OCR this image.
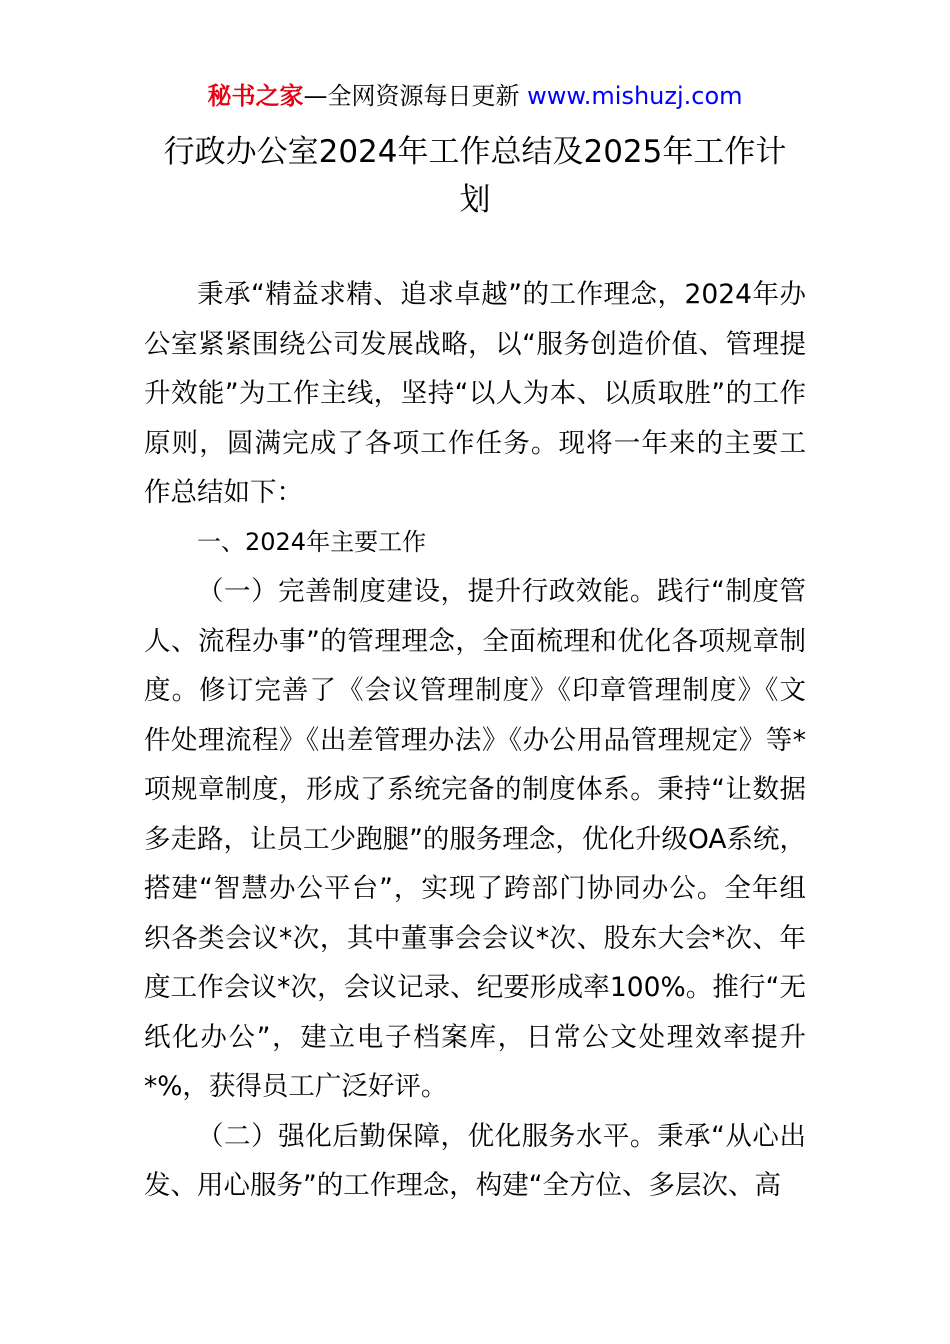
秘书之家—全网资源每日更新 www.mishuzj.com
行政办公室2024年工作总结及2025年工作计划

秉承“精益求精、追求卓越”的工作理念，2024年办公室紧紧围绕公司发展战略，以“服务创造价值、管理提升效能”为工作主线，坚持“以人为本、以质取胜”的工作原则，圆满完成了各项工作任务。现将一年来的主要工作总结如下：

一、2024年主要工作

（一）完善制度建设，提升行政效能。践行“制度管人、流程办事”的管理理念，全面梳理和优化各项规章制度。修订完善了《会议管理制度》《印章管理制度》《文件处理流程》《出差管理办法》《办公用品管理规定》等*项规章制度，形成了系统完备的制度体系。秉持“让数据多走路，让员工少跑腿”的服务理念，优化升级OA系统，搭建“智慧办公平台”，实现了跨部门协同办公。全年组织各类会议*次，其中董事会会议*次、股东大会*次、年度工作会议*次，会议记录、纪要形成率100%。推行“无纸化办公”，建立电子档案库，日常公文处理效率提升*%，获得员工广泛好评。

（二）强化后勤保障，优化服务水平。秉承“从心出发、用心服务”的工作理念，构建“全方位、多层次、高
